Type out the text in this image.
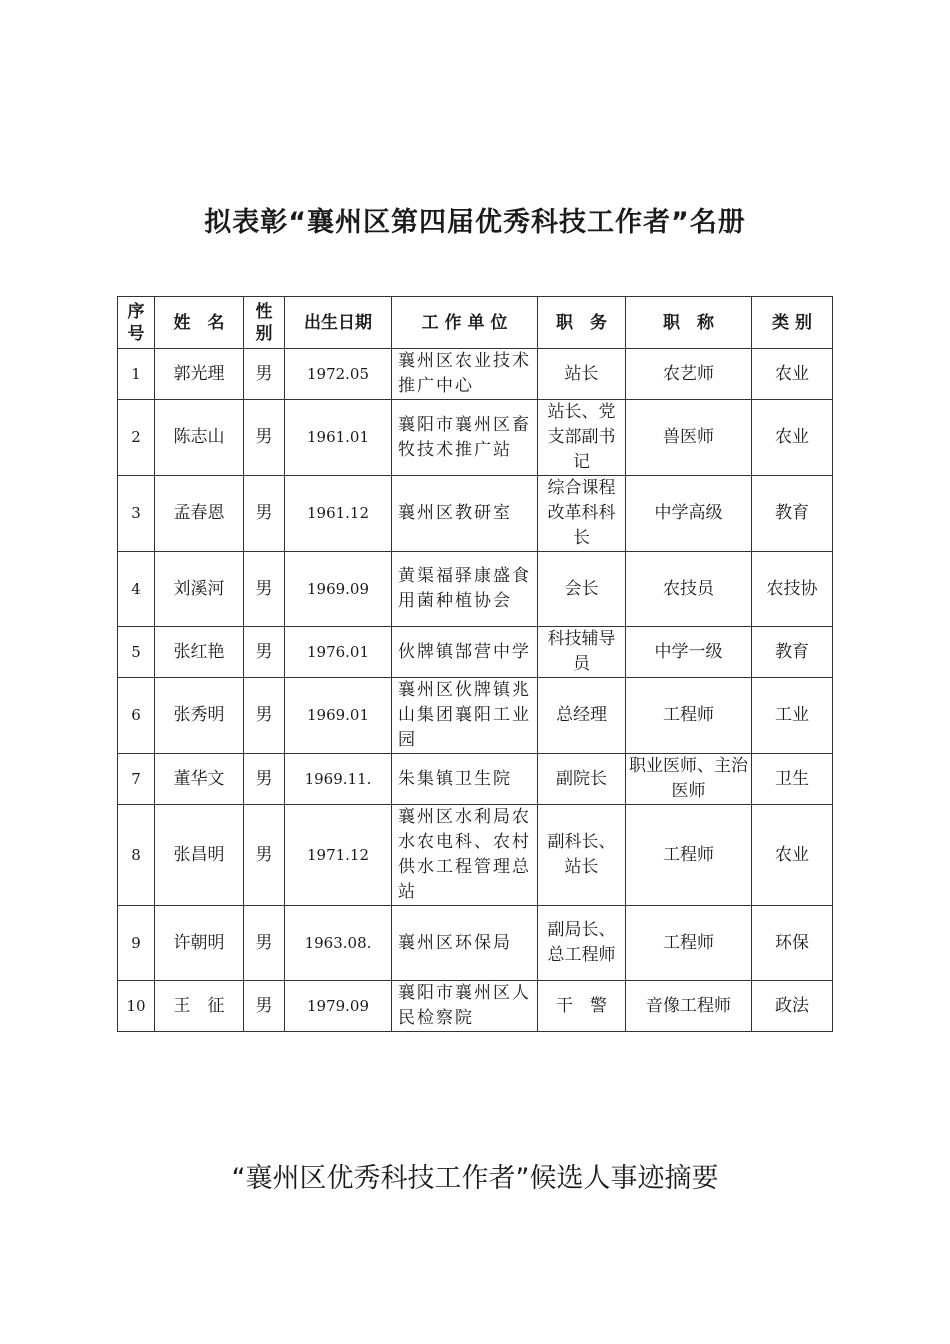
拟表彰“襄州区第四届优秀科技工作者”名册
序号	姓　名	性别	出生日期	工 作 单 位	职　务	职　称	类 别
1	郭光理	男	1972.05	襄州区农业技术推广中心	站长	农艺师	农业
2	陈志山	男	1961.01	襄阳市襄州区畜牧技术推广站	站长、党支部副书记	兽医师	农业
3	孟春恩	男	1961.12	襄州区教研室	综合课程改革科科长	中学高级	教育
4	刘溪河	男	1969.09	黄渠福驿康盛食用菌种植协会	会长	农技员	农技协
5	张红艳	男	1976.01	伙牌镇郜营中学	科技辅导员	中学一级	教育
6	张秀明	男	1969.01	襄州区伙牌镇兆山集团襄阳工业园	总经理	工程师	工业
7	董华文	男	1969.11.	朱集镇卫生院	副院长	职业医师、主治医师	卫生
8	张昌明	男	1971.12	襄州区水利局农水农电科、农村供水工程管理总站	副科长、站长	工程师	农业
9	许朝明	男	1963.08.	襄州区环保局	副局长、总工程师	工程师	环保
10	王　征	男	1979.09	襄阳市襄州区人民检察院	干　警	音像工程师	政法
“襄州区优秀科技工作者”候选人事迹摘要
